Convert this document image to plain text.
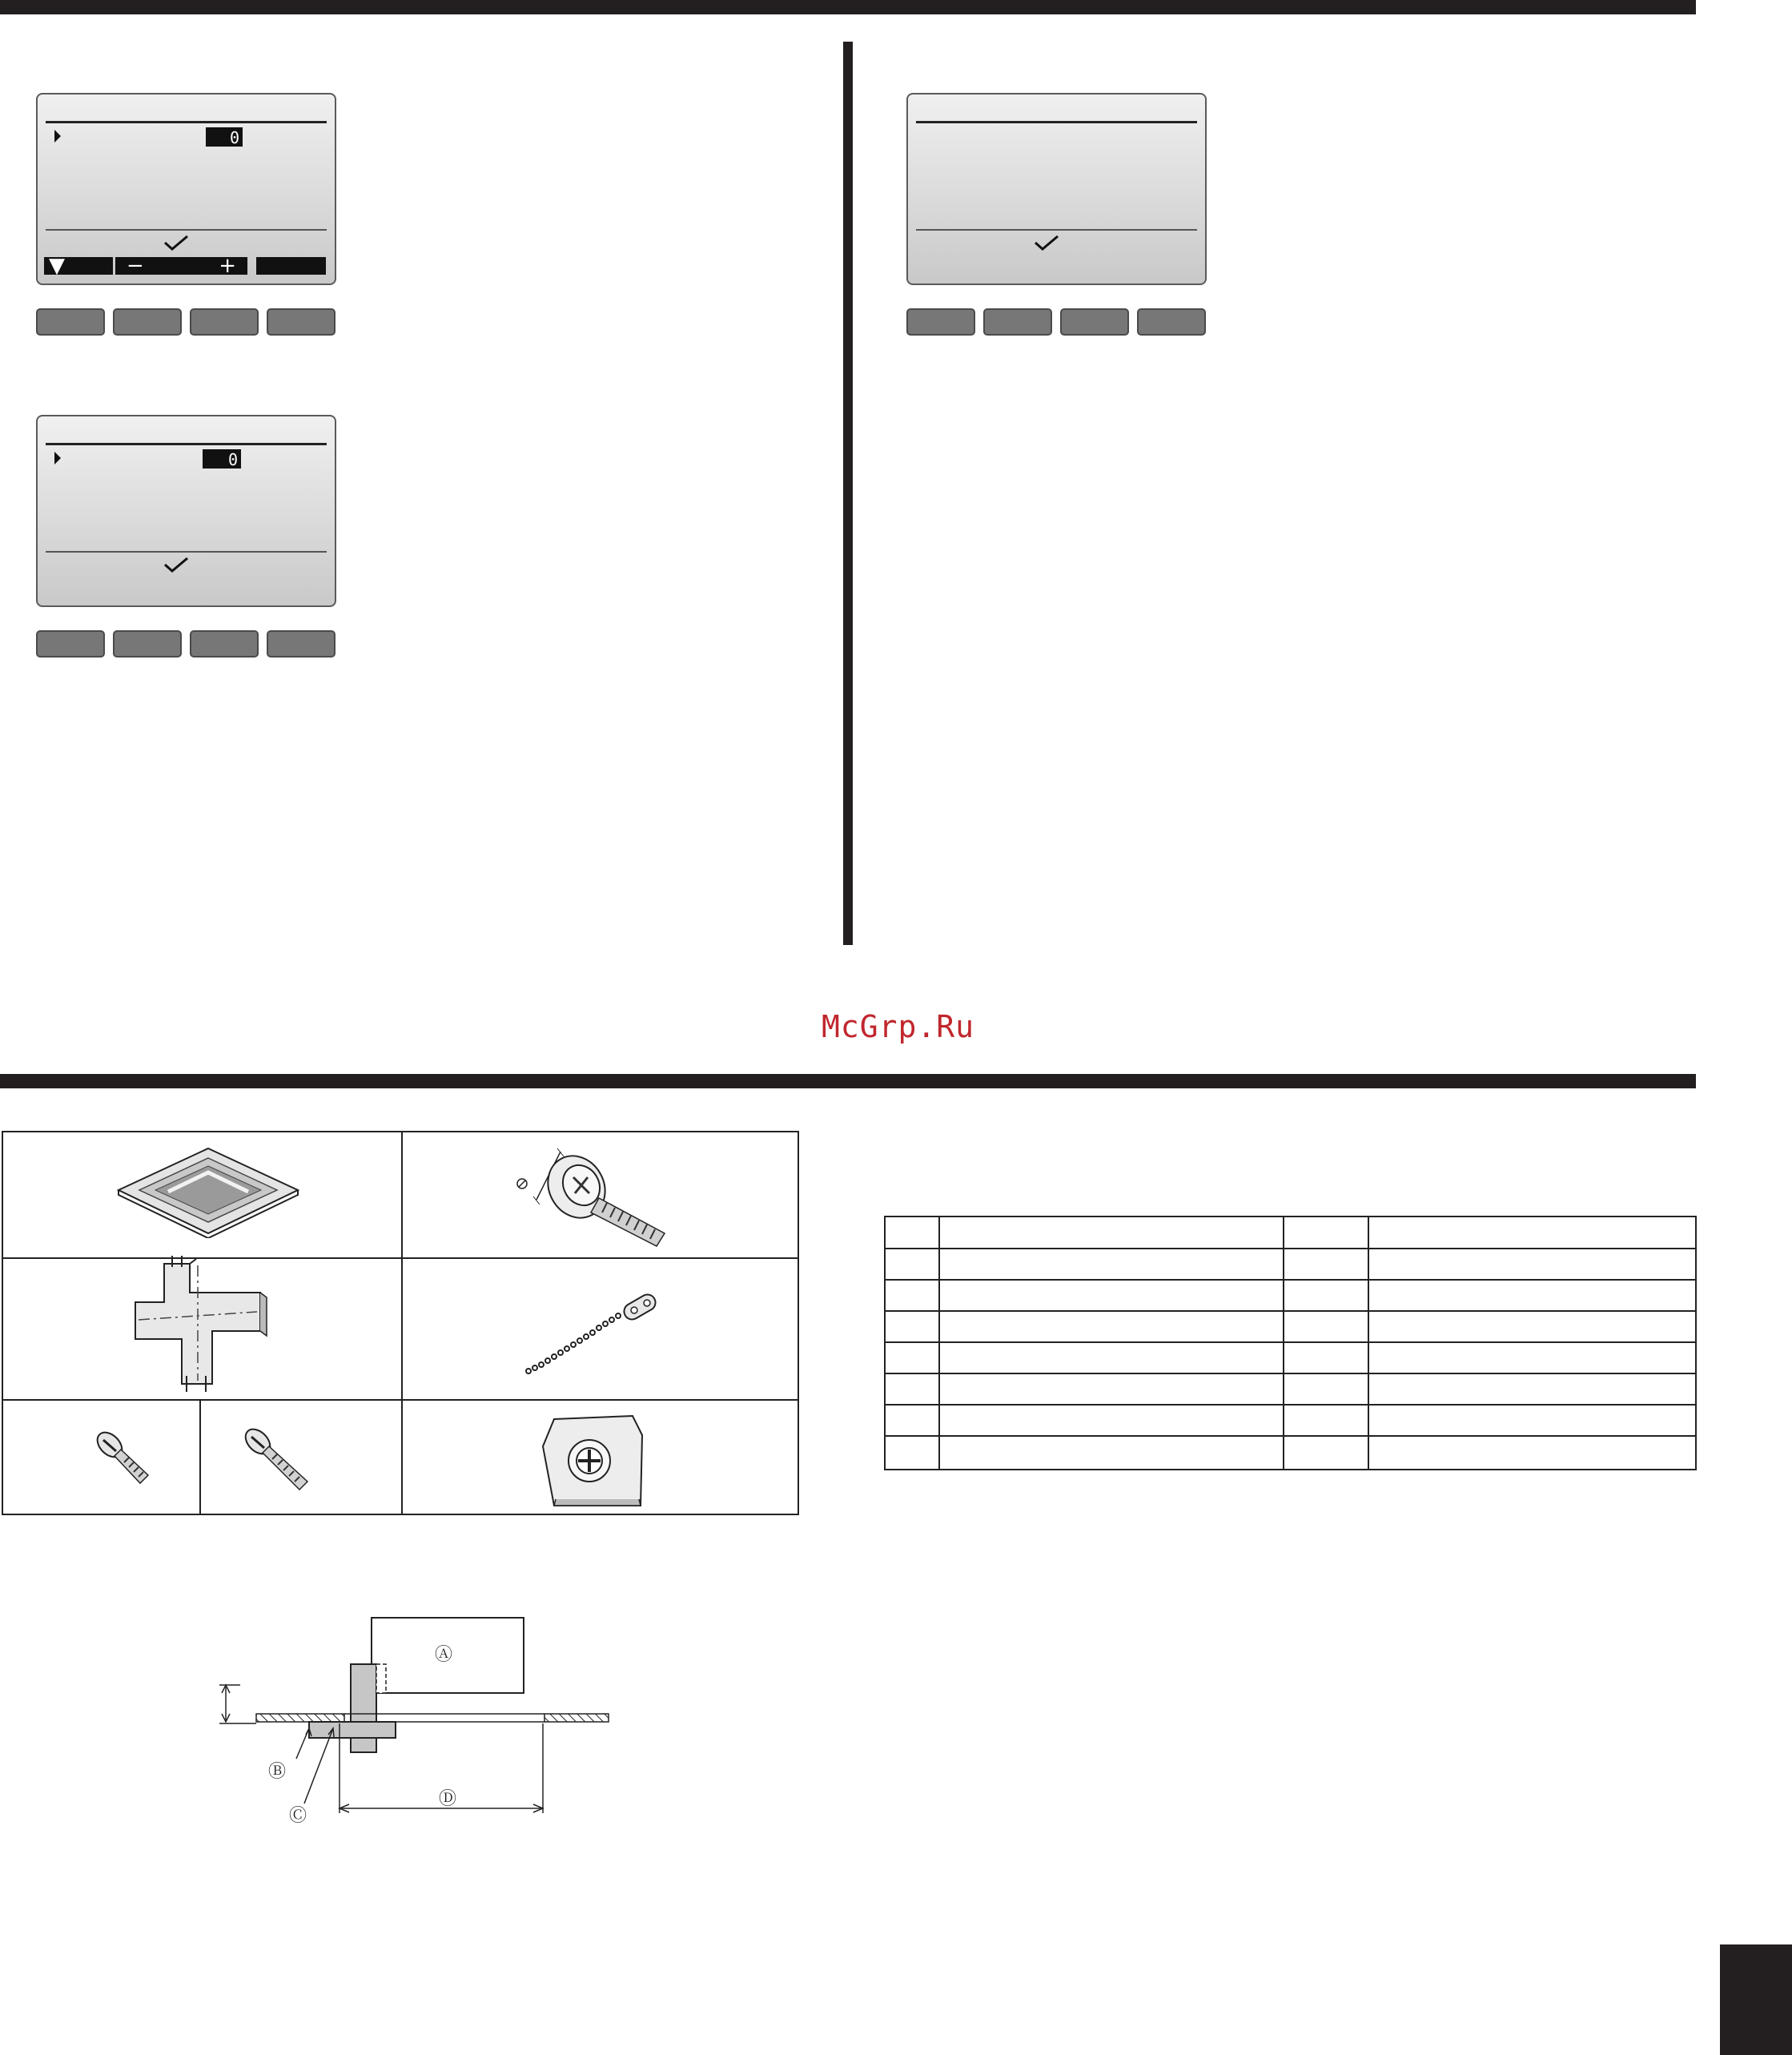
0
▼	−	+
0
McGrp.Ru
Ⓐ
Ⓑ
Ⓒ
Ⓓ
